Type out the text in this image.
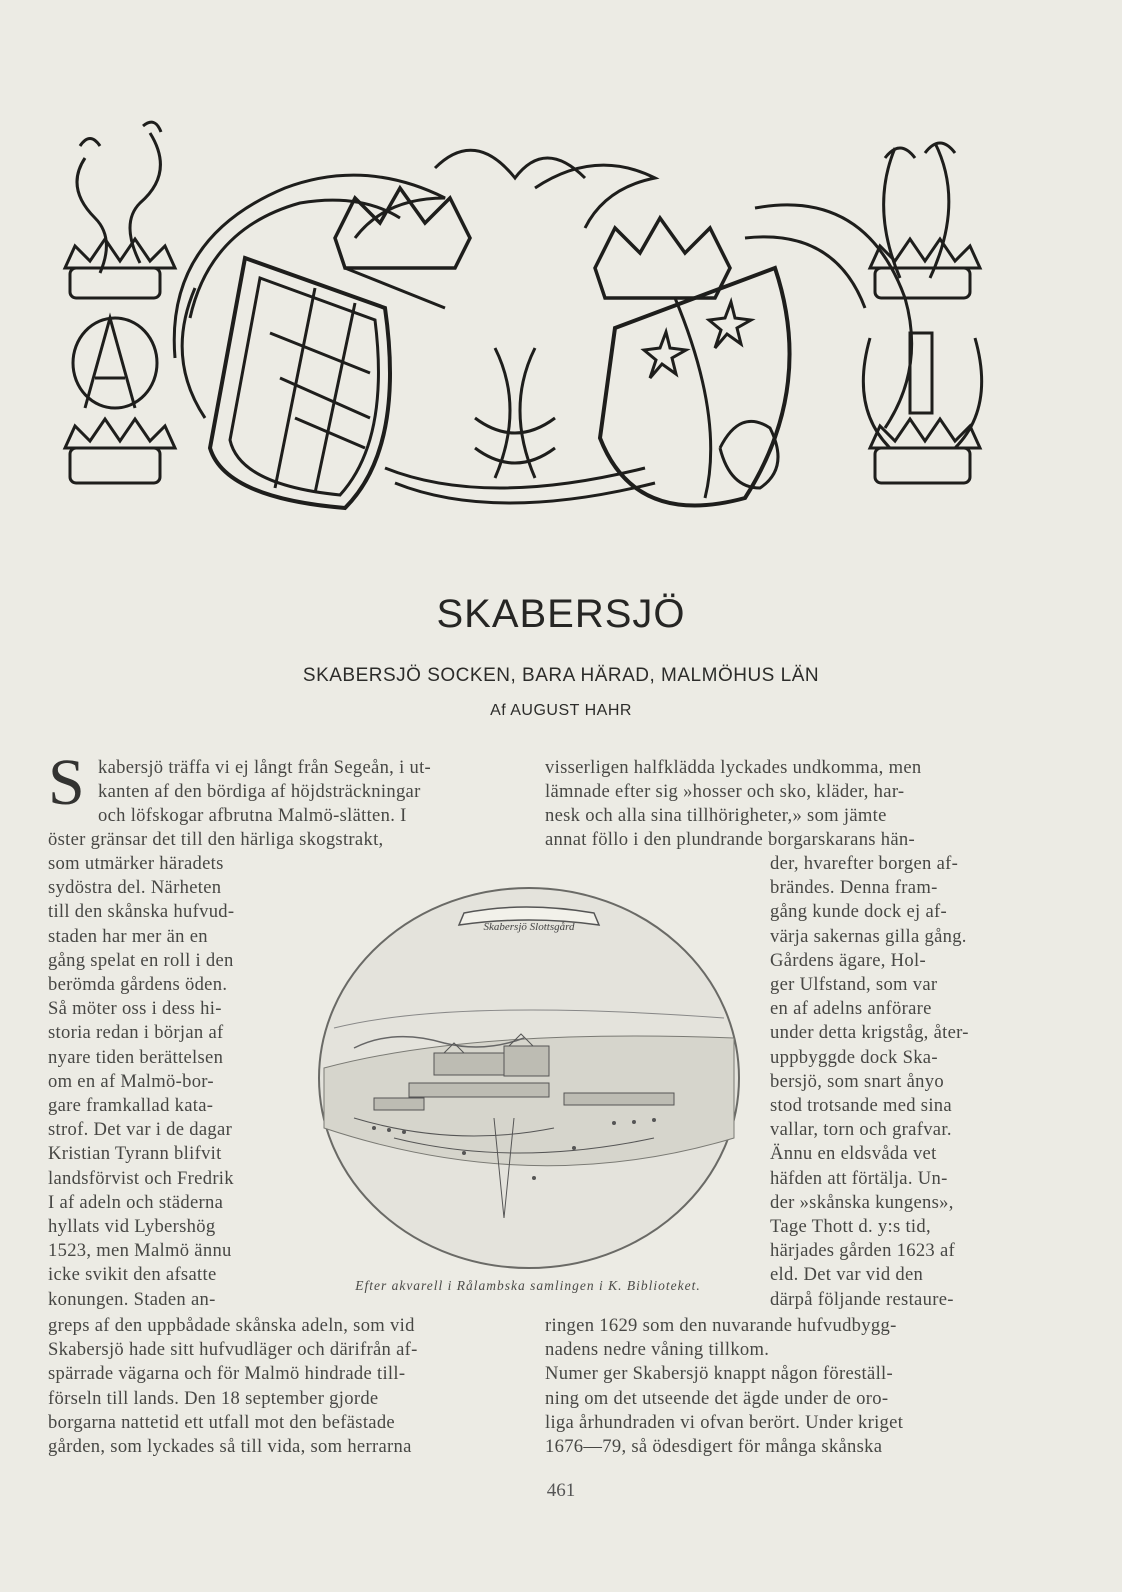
SKABERSJÖ
SKABERSJÖ SOCKEN, BARA HÄRAD, MALMÖHUS LÄN
Af AUGUST HAHR
S kabersjö träffa vi ej långt från Segeån, i ut-
kanten af den bördiga af höjdsträckningar
och löfskogar afbrutna Malmö-slätten. I
öster gränsar det till den härliga skogstrakt,
som utmärker häradets
sydöstra del. Närheten
till den skånska hufvud-
staden har mer än en
gång spelat en roll i den
berömda gårdens öden.
Så möter oss i dess hi-
storia redan i början af
nyare tiden berättelsen
om en af Malmö-bor-
gare framkallad kata-
strof. Det var i de dagar
Kristian Tyrann blifvit
landsförvist och Fredrik
I af adeln och städerna
hyllats vid Lybershög
1523, men Malmö ännu
icke svikit den afsatte
konungen. Staden an-
greps af den uppbådade skånska adeln, som vid
Skabersjö hade sitt hufvudläger och därifrån af-
spärrade vägarna och för Malmö hindrade till-
förseln till lands. Den 18 september gjorde
borgarna nattetid ett utfall mot den befästade
gården, som lyckades så till vida, som herrarna
visserligen halfklädda lyckades undkomma, men
lämnade efter sig »hosser och sko, kläder, har-
nesk och alla sina tillhörigheter,» som jämte
annat föllo i den plundrande borgarskarans hän-
der, hvarefter borgen af-
brändes. Denna fram-
gång kunde dock ej af-
värja sakernas gilla gång.
Gårdens ägare, Hol-
ger Ulfstand, som var
en af adelns anförare
under detta krigståg, åter-
uppbyggde dock Ska-
bersjö, som snart ånyo
stod trotsande med sina
vallar, torn och grafvar.
Ännu en eldsvåda vet
häfden att förtälja. Un-
der »skånska kungens»,
Tage Thott d. y:s tid,
härjades gården 1623 af
eld. Det var vid den
därpå följande restaure-
ringen 1629 som den nuvarande hufvudbygg-
nadens nedre våning tillkom.
Numer ger Skabersjö knappt någon föreställ-
ning om det utseende det ägde under de oro-
liga århundraden vi ofvan berört. Under kriget
1676—79, så ödesdigert för många skånska
Skabersjö Slottsgård
Efter akvarell i Rålambska samlingen i K. Biblioteket.
461
